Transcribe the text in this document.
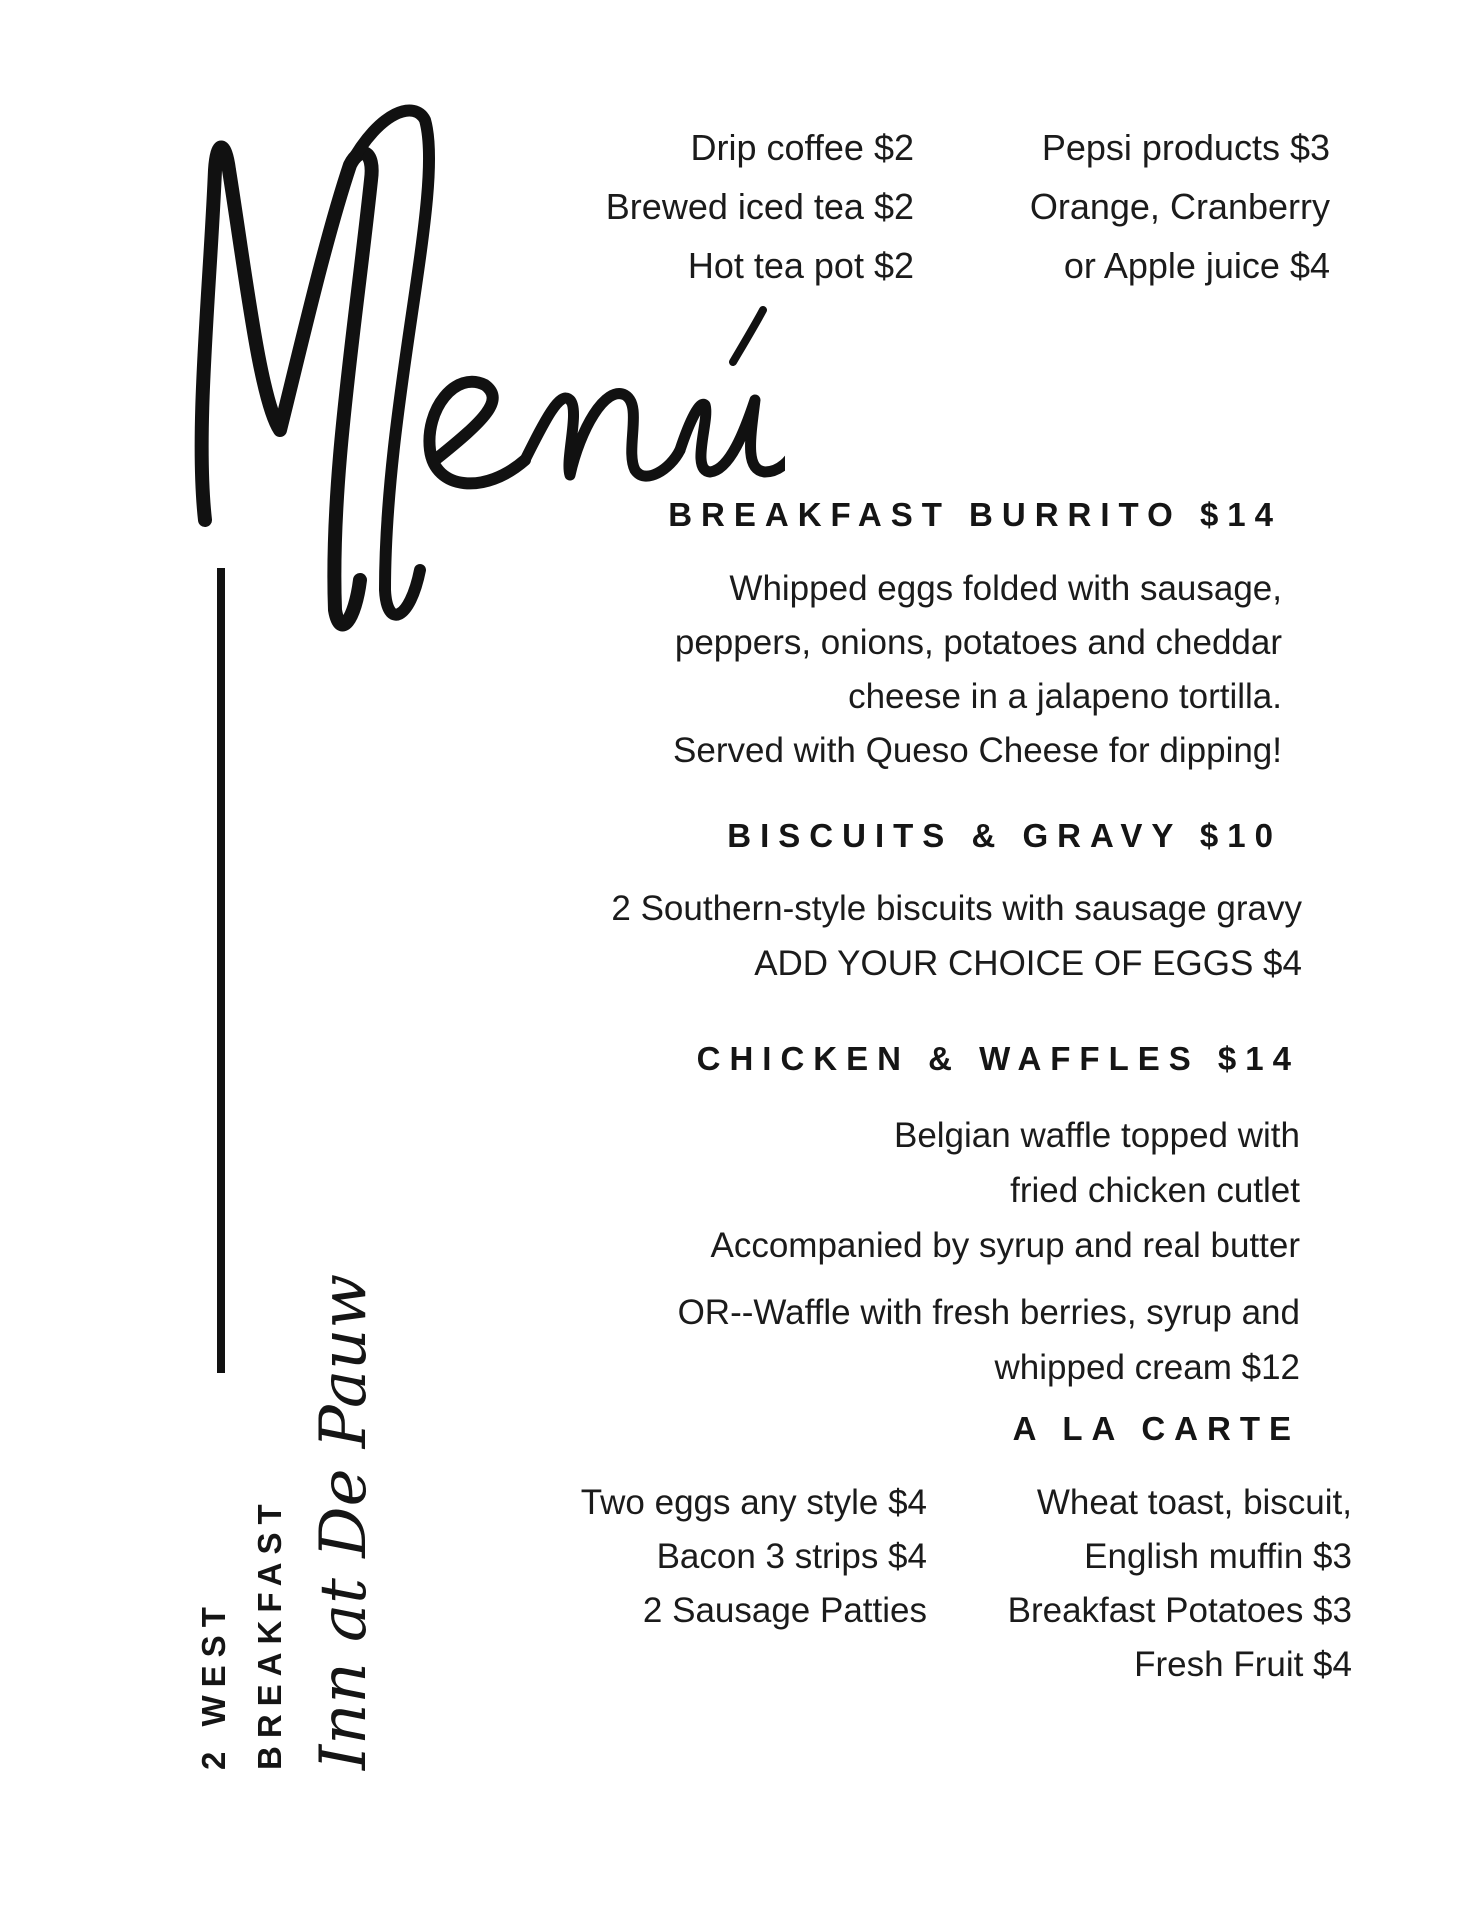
Drip coffee $2
Brewed iced tea $2
Hot tea pot $2
Pepsi products $3
Orange, Cranberry
or Apple juice $4
BREAKFAST BURRITO $14
Whipped eggs folded with sausage,
peppers, onions, potatoes and cheddar
cheese in a jalapeno tortilla.
Served with Queso Cheese for dipping!
BISCUITS & GRAVY $10
2 Southern-style biscuits with sausage gravy
ADD YOUR CHOICE OF EGGS $4
CHICKEN & WAFFLES $14
Belgian waffle topped with
fried chicken cutlet
Accompanied by syrup and real butter
OR--Waffle with fresh berries, syrup and
whipped cream $12
A LA CARTE
Two eggs any style $4
Bacon 3 strips $4
2 Sausage Patties
Wheat toast, biscuit,
English muffin $3
Breakfast Potatoes $3
Fresh Fruit $4
2 WEST BREAKFAST Inn at De Pauw
